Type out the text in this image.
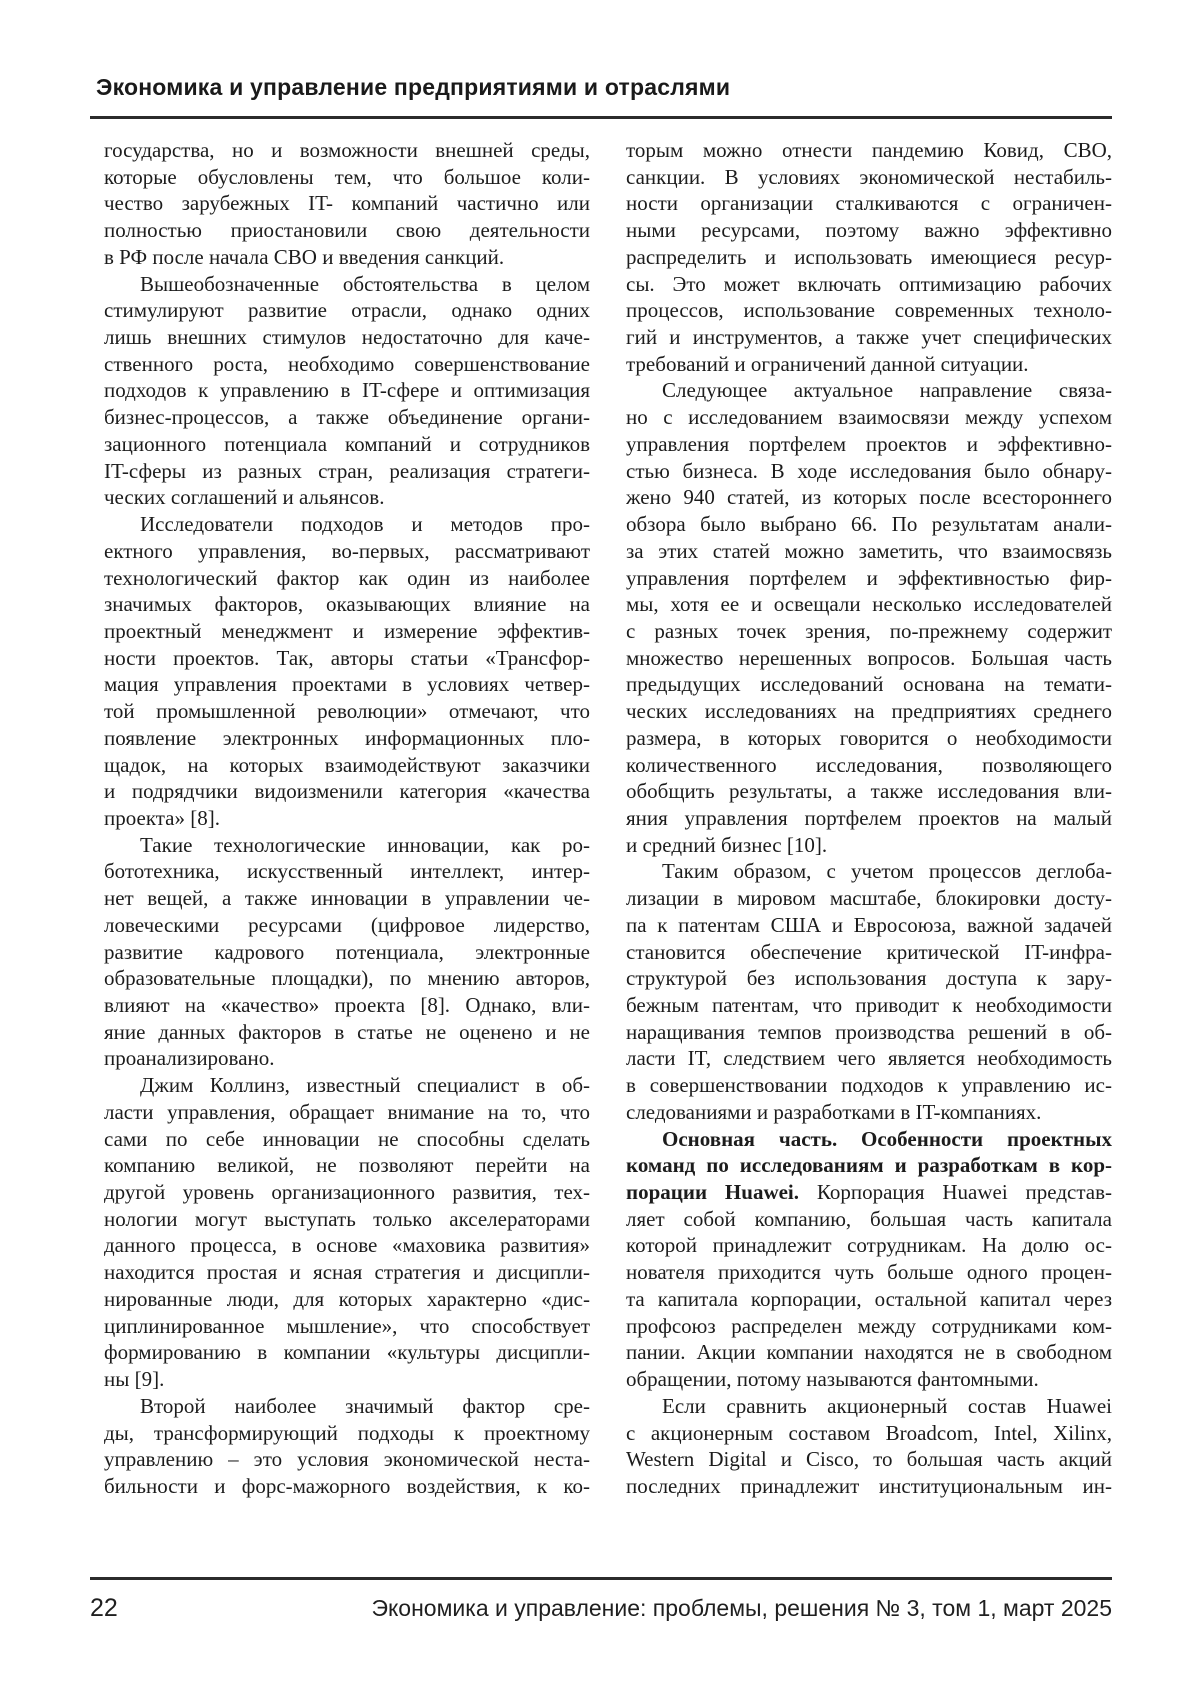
Экономика и управление предприятиями и отраслями
государства, но и возможности внешней среды,
которые обусловлены тем, что большое коли-
чество зарубежных IT- компаний частично или
полностью приостановили свою деятельности
в РФ после начала СВО и введения санкций.
Вышеобозначенные обстоятельства в целом
стимулируют развитие отрасли, однако одних
лишь внешних стимулов недостаточно для каче-
ственного роста, необходимо совершенствование
подходов к управлению в IT-сфере и оптимизация
бизнес-процессов, а также объединение органи-
зационного потенциала компаний и сотрудников
IT-сферы из разных стран, реализация стратеги-
ческих соглашений и альянсов.
Исследователи подходов и методов про-
ектного управления, во-первых, рассматривают
технологический фактор как один из наиболее
значимых факторов, оказывающих влияние на
проектный менеджмент и измерение эффектив-
ности проектов. Так, авторы статьи «Трансфор-
мация управления проектами в условиях четвер-
той промышленной революции» отмечают, что
появление электронных информационных пло-
щадок, на которых взаимодействуют заказчики
и подрядчики видоизменили категория «качества
проекта» [8].
Такие технологические инновации, как ро-
бототехника, искусственный интеллект, интер-
нет вещей, а также инновации в управлении че-
ловеческими ресурсами (цифровое лидерство,
развитие кадрового потенциала, электронные
образовательные площадки), по мнению авторов,
влияют на «качество» проекта [8]. Однако, вли-
яние данных факторов в статье не оценено и не
проанализировано.
Джим Коллинз, известный специалист в об-
ласти управления, обращает внимание на то, что
сами по себе инновации не способны сделать
компанию великой, не позволяют перейти на
другой уровень организационного развития, тех-
нологии могут выступать только акселераторами
данного процесса, в основе «маховика развития»
находится простая и ясная стратегия и дисципли-
нированные люди, для которых характерно «дис-
циплинированное мышление», что способствует
формированию в компании «культуры дисципли-
ны [9].
Второй наиболее значимый фактор сре-
ды, трансформирующий подходы к проектному
управлению – это условия экономической неста-
бильности и форс-мажорного воздействия, к ко-
торым можно отнести пандемию Ковид, СВО,
санкции. В условиях экономической нестабиль-
ности организации сталкиваются с ограничен-
ными ресурсами, поэтому важно эффективно
распределить и использовать имеющиеся ресур-
сы. Это может включать оптимизацию рабочих
процессов, использование современных техноло-
гий и инструментов, а также учет специфических
требований и ограничений данной ситуации.
Следующее актуальное направление связа-
но с исследованием взаимосвязи между успехом
управления портфелем проектов и эффективно-
стью бизнеса. В ходе исследования было обнару-
жено 940 статей, из которых после всестороннего
обзора было выбрано 66. По результатам анали-
за этих статей можно заметить, что взаимосвязь
управления портфелем и эффективностью фир-
мы, хотя ее и освещали несколько исследователей
с разных точек зрения, по-прежнему содержит
множество нерешенных вопросов. Большая часть
предыдущих исследований основана на темати-
ческих исследованиях на предприятиях среднего
размера, в которых говорится о необходимости
количественного исследования, позволяющего
обобщить результаты, а также исследования вли-
яния управления портфелем проектов на малый
и средний бизнес [10].
Таким образом, с учетом процессов деглоба-
лизации в мировом масштабе, блокировки досту-
па к патентам США и Евросоюза, важной задачей
становится обеспечение критической IT-инфра-
структурой без использования доступа к зару-
бежным патентам, что приводит к необходимости
наращивания темпов производства решений в об-
ласти IT, следствием чего является необходимость
в совершенствовании подходов к управлению ис-
следованиями и разработками в IT-компаниях.
Основная часть. Особенности проектных
команд по исследованиям и разработкам в кор-
порации Huawei. Корпорация Huawei представ-
ляет собой компанию, большая часть капитала
которой принадлежит сотрудникам. На долю ос-
нователя приходится чуть больше одного процен-
та капитала корпорации, остальной капитал через
профсоюз распределен между сотрудниками ком-
пании. Акции компании находятся не в свободном
обращении, потому называются фантомными.
Если сравнить акционерный состав Huawei
с акционерным составом Broadcom, Intel, Xilinx,
Western Digital и Cisco, то большая часть акций
последних принадлежит институциональным ин-
22	Экономика и управление: проблемы, решения № 3, том 1, март 2025
